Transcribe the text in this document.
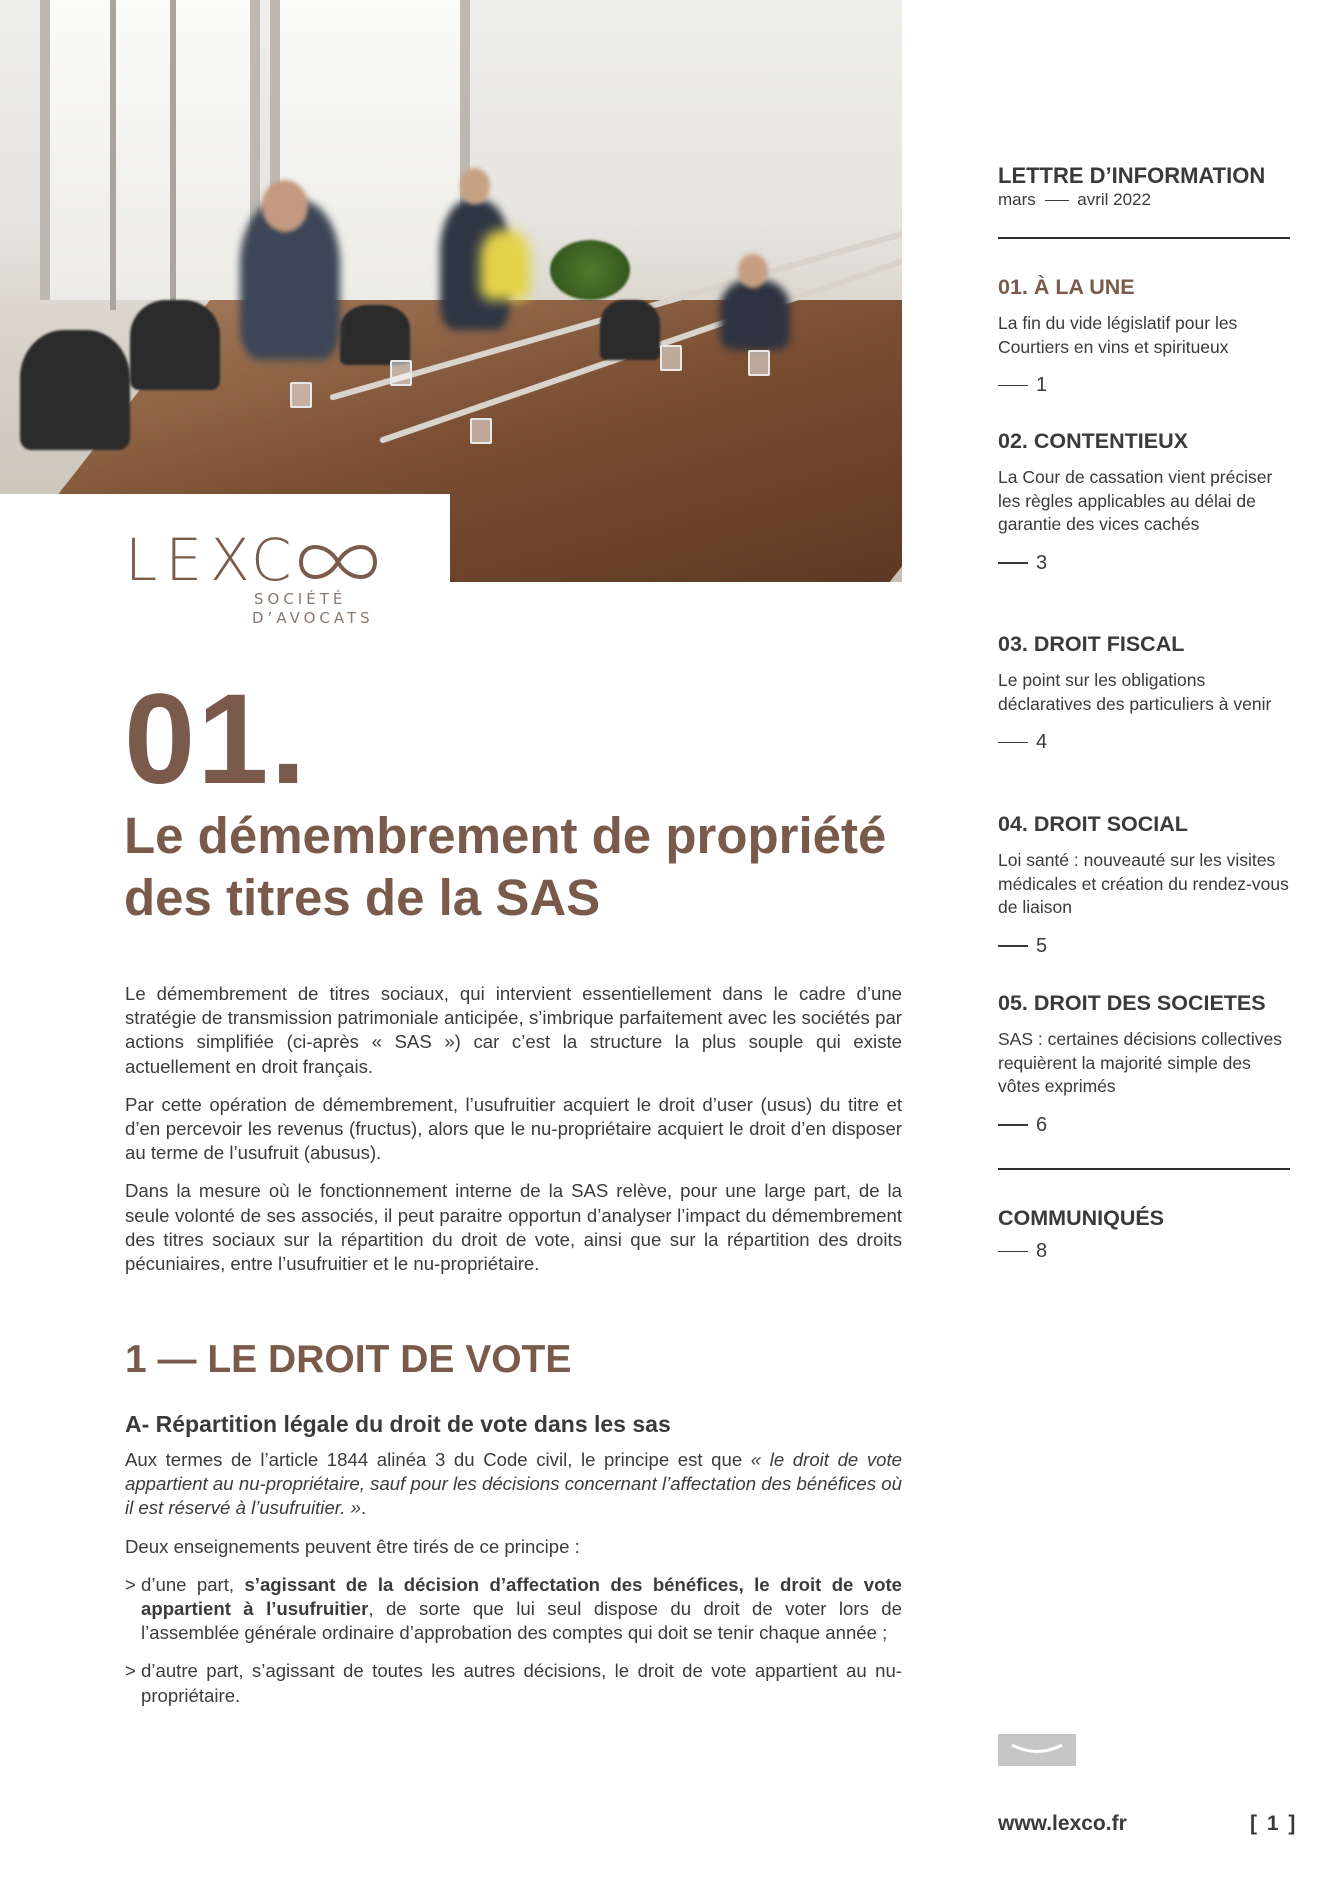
LEX
C
SOCIÉTÉ
D’AVOCATS
01.
Le démembrement de propriété des titres de la SAS

Le démembrement de titres sociaux, qui intervient essentiellement dans le cadre d’une stratégie de transmission patrimoniale anticipée, s’imbrique parfaitement avec les sociétés par actions simplifiée (ci-après « SAS ») car c’est la structure la plus souple qui existe actuellement en droit français.

Par cette opération de démembrement, l’usufruitier acquiert le droit d’user (usus) du titre et d’en percevoir les revenus (fructus), alors que le nu-propriétaire acquiert le droit d’en disposer au terme de l’usufruit (abusus).

Dans la mesure où le fonctionnement interne de la SAS relève, pour une large part, de la seule volonté de ses associés, il peut paraitre opportun d’analyser l’impact du démembrement des titres sociaux sur la répartition du droit de vote, ainsi que sur la répartition des droits pécuniaires, entre l’usufruitier et le nu-propriétaire.

1 — LE DROIT DE VOTE
A- Répartition légale du droit de vote dans les sas

Aux termes de l’article 1844 alinéa 3 du Code civil, le principe est que « le droit de vote appartient au nu-propriétaire, sauf pour les décisions concernant l’affectation des bénéfices où il est réservé à l’usufruitier. ».

Deux enseignements peuvent être tirés de ce principe :

> d’une part, s’agissant de la décision d’affectation des bénéfices, le droit de vote appartient à l’usufruitier, de sorte que lui seul dispose du droit de voter lors de l’assemblée générale ordinaire d’approbation des comptes qui doit se tenir chaque année ;

> d’autre part, s’agissant de toutes les autres décisions, le droit de vote appartient au nu-propriétaire.

LETTRE D’INFORMATION
mars avril 2022
01. À LA UNE
La fin du vide législatif pour les Courtiers en vins et spiritueux
1
02. CONTENTIEUX
La Cour de cassation vient préciser les règles applicables au délai de garantie des vices cachés
3
03. DROIT FISCAL
Le point sur les obligations déclaratives des particuliers à venir
4
04. DROIT SOCIAL
Loi santé : nouveauté sur les visites médicales et création du rendez-vous de liaison
5
05. DROIT DES SOCIETES
SAS : certaines décisions collectives requièrent la majorité simple des vôtes exprimés
6
COMMUNIQUÉS
8
www.lexco.fr	[ 1 ]
